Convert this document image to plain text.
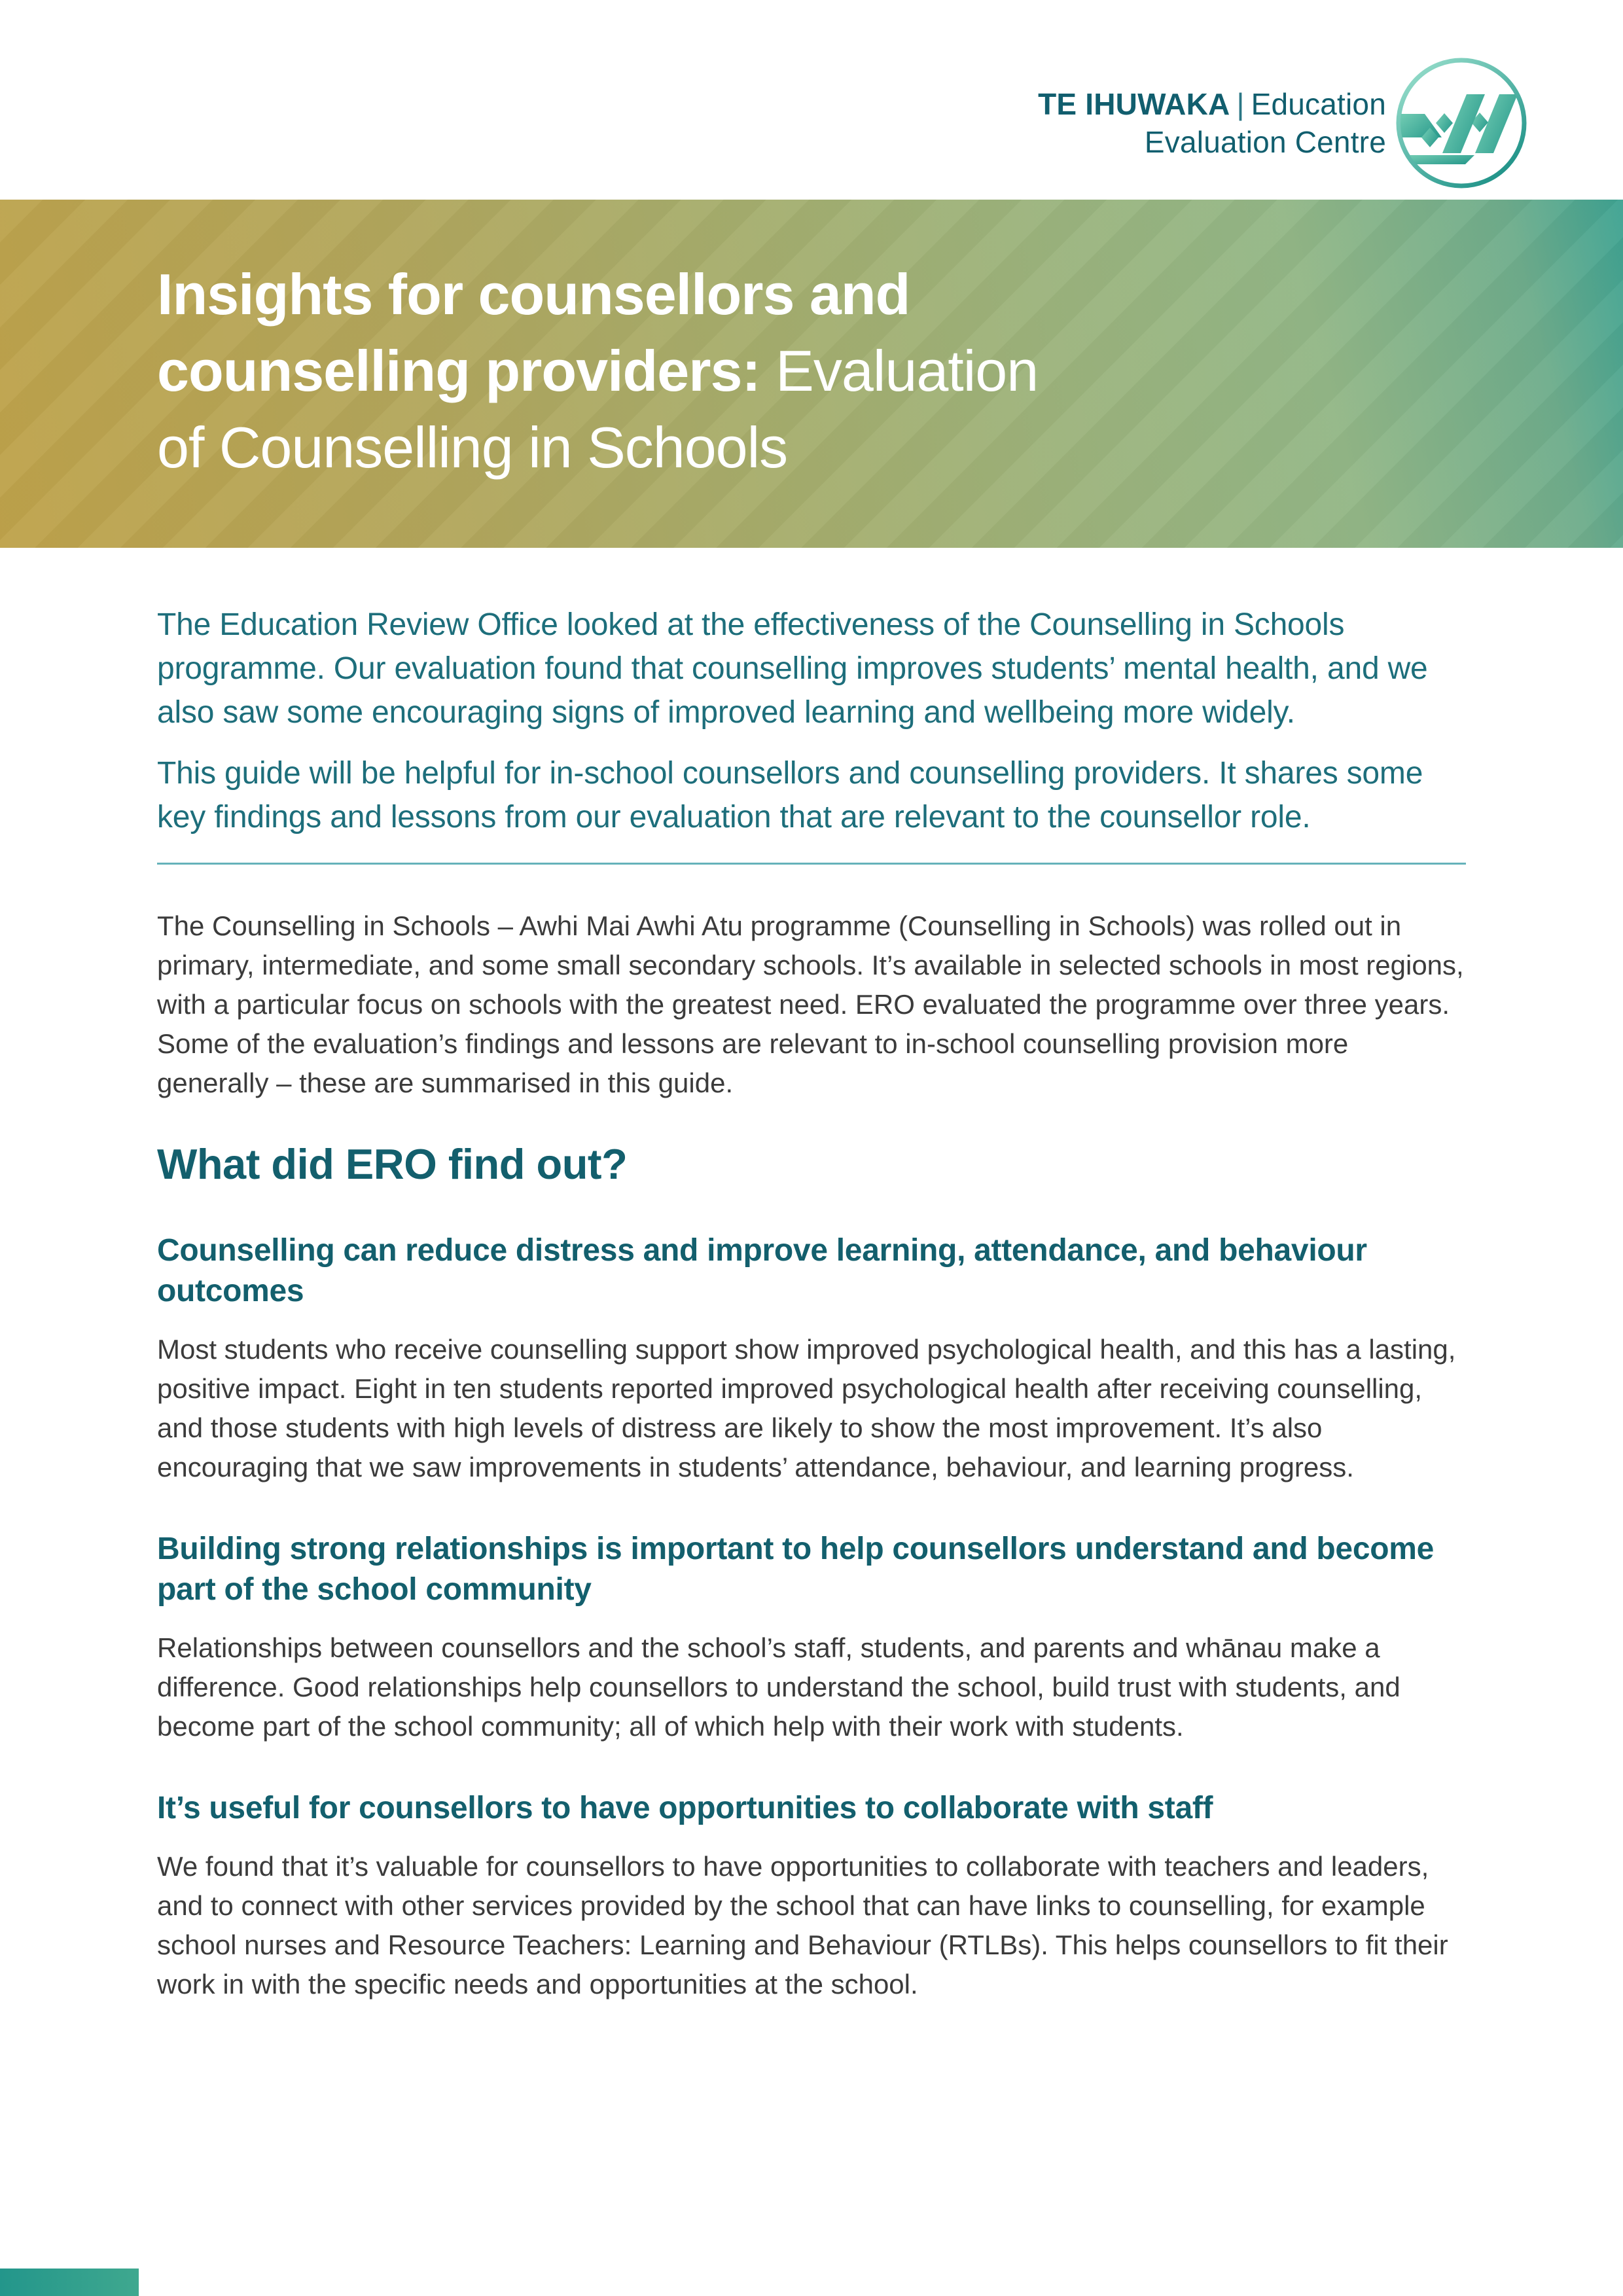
TE IHUWAKA | Education
Evaluation Centre
Insights for counsellors and
counselling providers: Evaluation
of Counselling in Schools

The Education Review Office looked at the effectiveness of the Counselling in Schools programme. Our evaluation found that counselling improves students’ mental health, and we also saw some encouraging signs of improved learning and wellbeing more widely.

This guide will be helpful for in-school counsellors and counselling providers. It shares some key findings and lessons from our evaluation that are relevant to the counsellor role.

The Counselling in Schools – Awhi Mai Awhi Atu programme (Counselling in Schools) was rolled out in primary, intermediate, and some small secondary schools. It’s available in selected schools in most regions, with a particular focus on schools with the greatest need. ERO evaluated the programme over three years. Some of the evaluation’s findings and lessons are relevant to in-school counselling provision more generally – these are summarised in this guide.

What did ERO find out?
Counselling can reduce distress and improve learning, attendance, and behaviour outcomes

Most students who receive counselling support show improved psychological health, and this has a lasting, positive impact. Eight in ten students reported improved psychological health after receiving counselling, and those students with high levels of distress are likely to show the most improvement. It’s also encouraging that we saw improvements in students’ attendance, behaviour, and learning progress.

Building strong relationships is important to help counsellors understand and become part of the school community

Relationships between counsellors and the school’s staff, students, and parents and whānau make a difference. Good relationships help counsellors to understand the school, build trust with students, and become part of the school community; all of which help with their work with students.

It’s useful for counsellors to have opportunities to collaborate with staff

We found that it’s valuable for counsellors to have opportunities to collaborate with teachers and leaders, and to connect with other services provided by the school that can have links to counselling, for example school nurses and Resource Teachers: Learning and Behaviour (RTLBs). This helps counsellors to fit their work in with the specific needs and opportunities at the school.
